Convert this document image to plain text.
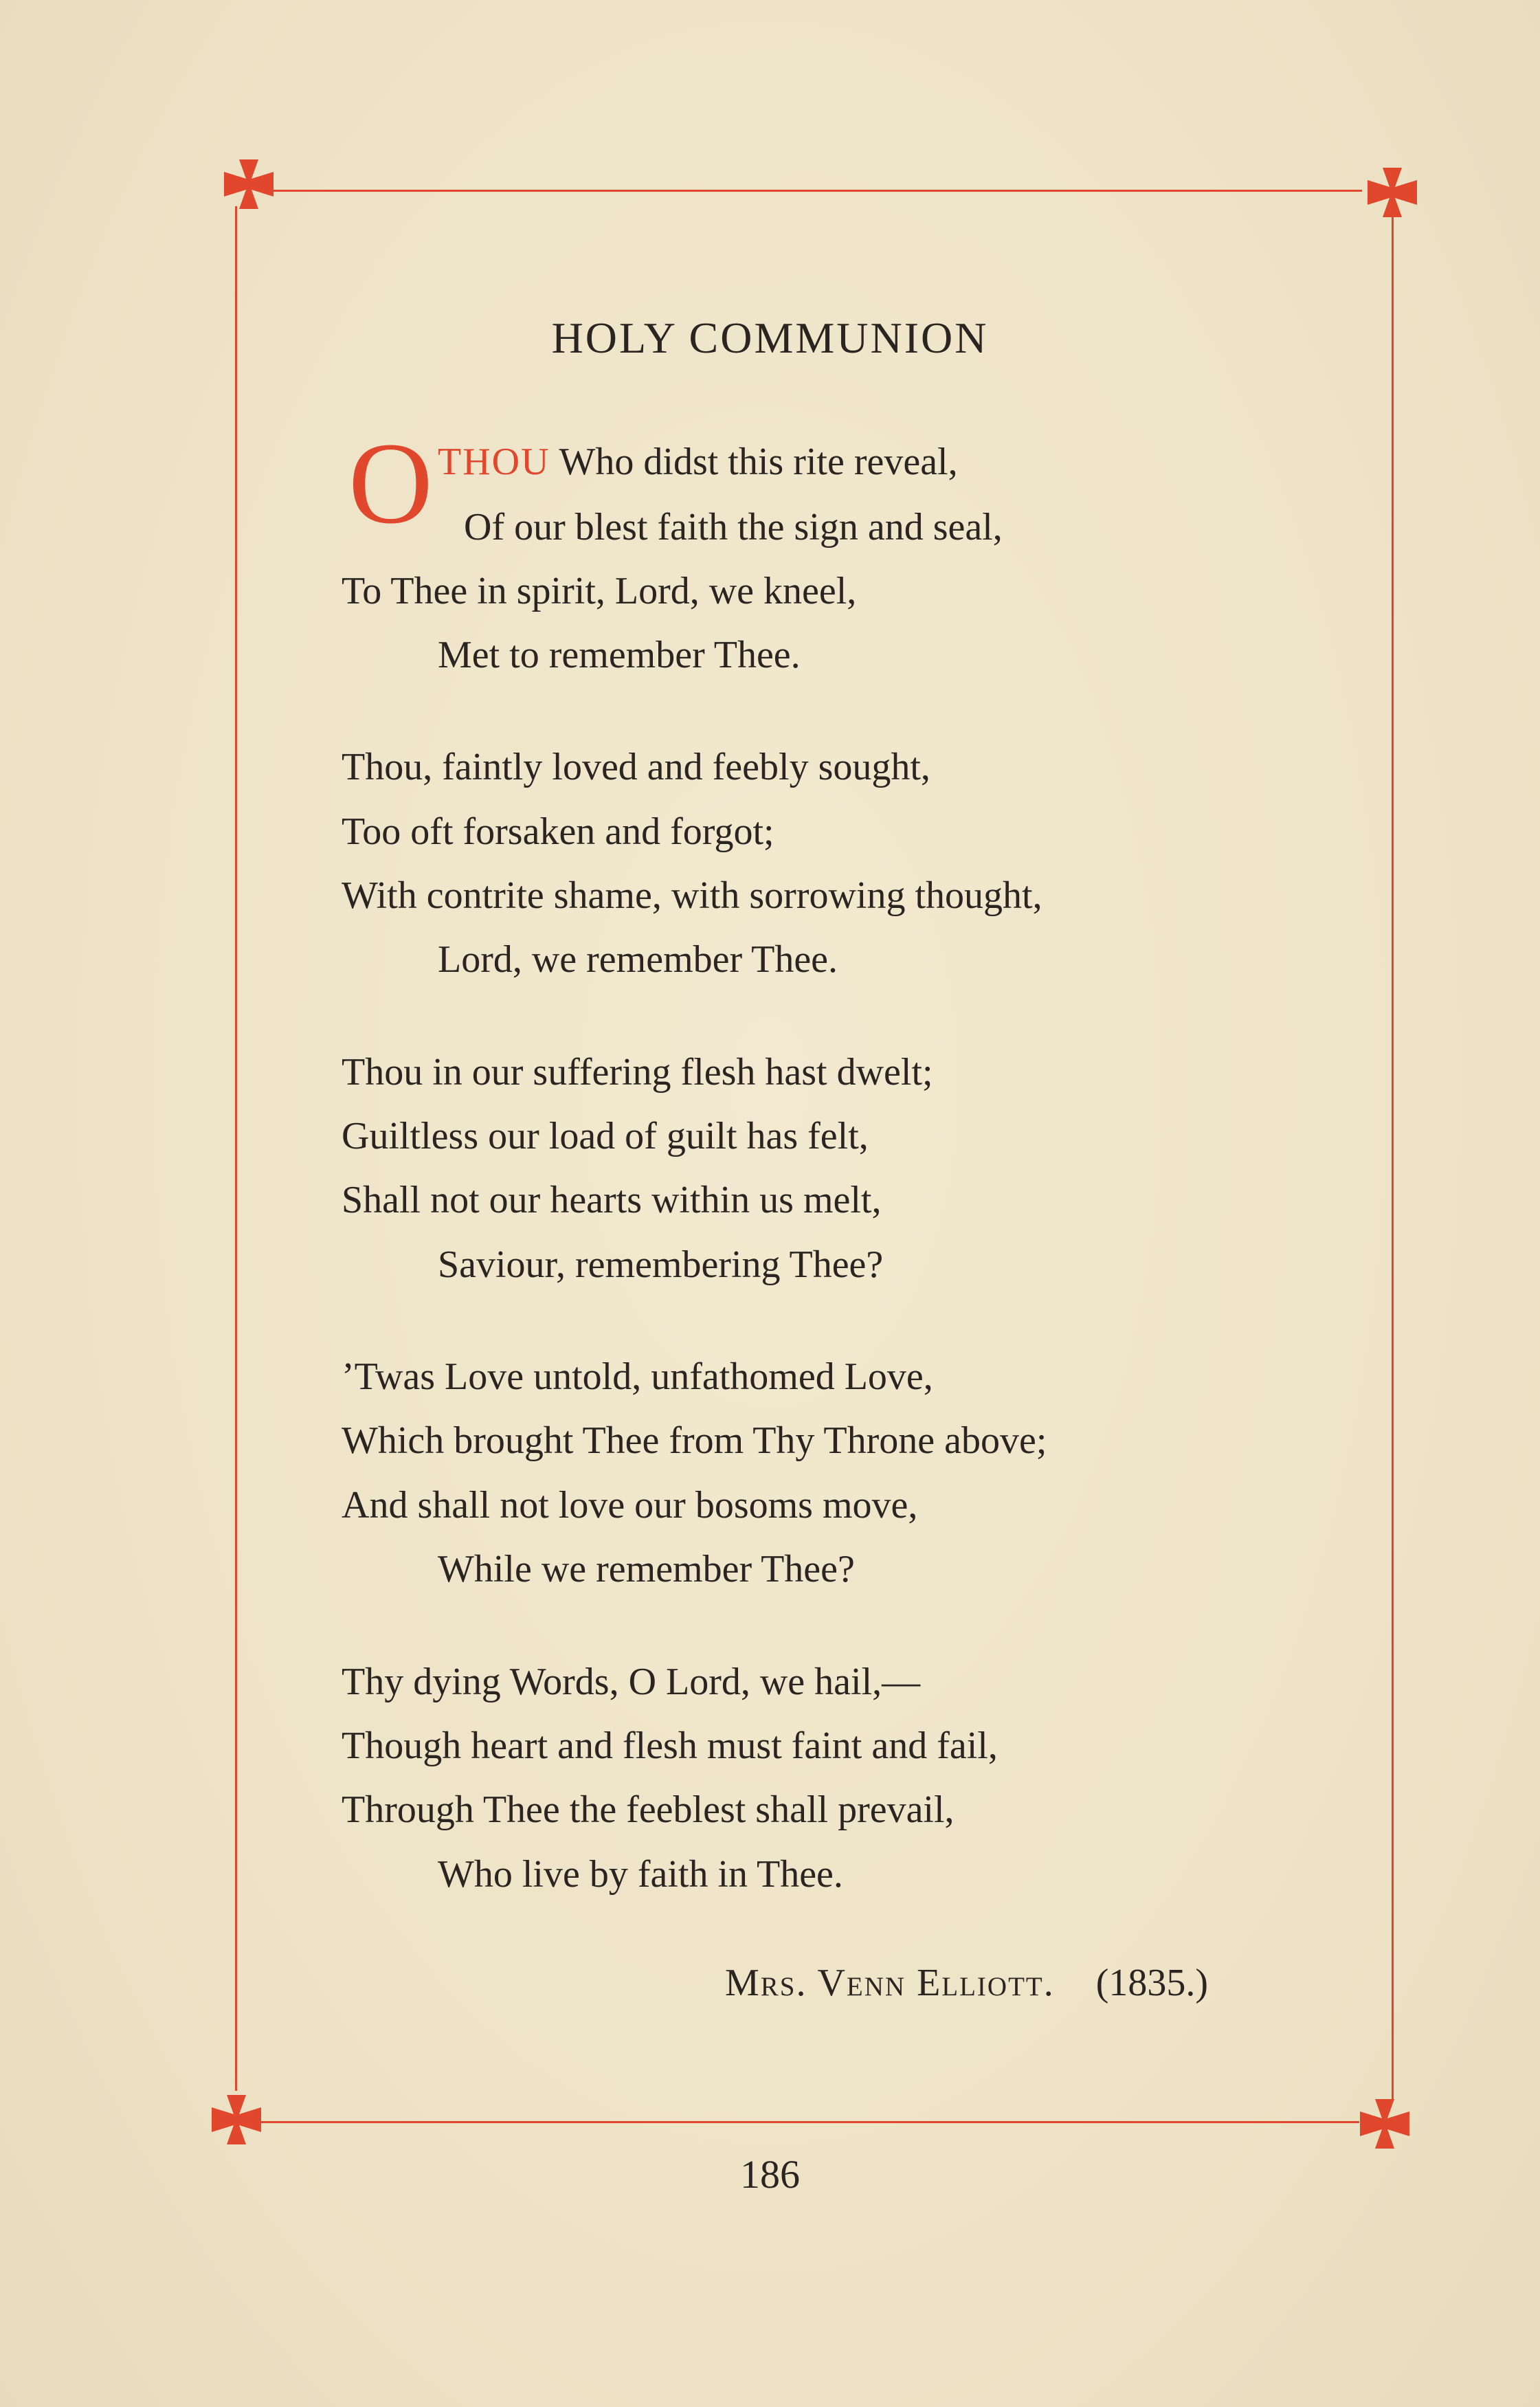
HOLY COMMUNION
O THOU Who didst this rite reveal,
Of our blest faith the sign and seal,
To Thee in spirit, Lord, we kneel,
Met to remember Thee.
Thou, faintly loved and feebly sought,
Too oft forsaken and forgot;
With contrite shame, with sorrowing thought,
Lord, we remember Thee.
Thou in our suffering flesh hast dwelt;
Guiltless our load of guilt has felt,
Shall not our hearts within us melt,
Saviour, remembering Thee?
’Twas Love untold, unfathomed Love,
Which brought Thee from Thy Throne above;
And shall not love our bosoms move,
While we remember Thee?
Thy dying Words, O Lord, we hail,—
Though heart and flesh must faint and fail,
Through Thee the feeblest shall prevail,
Who live by faith in Thee.
Mrs. Venn Elliott. (1835.)
186
